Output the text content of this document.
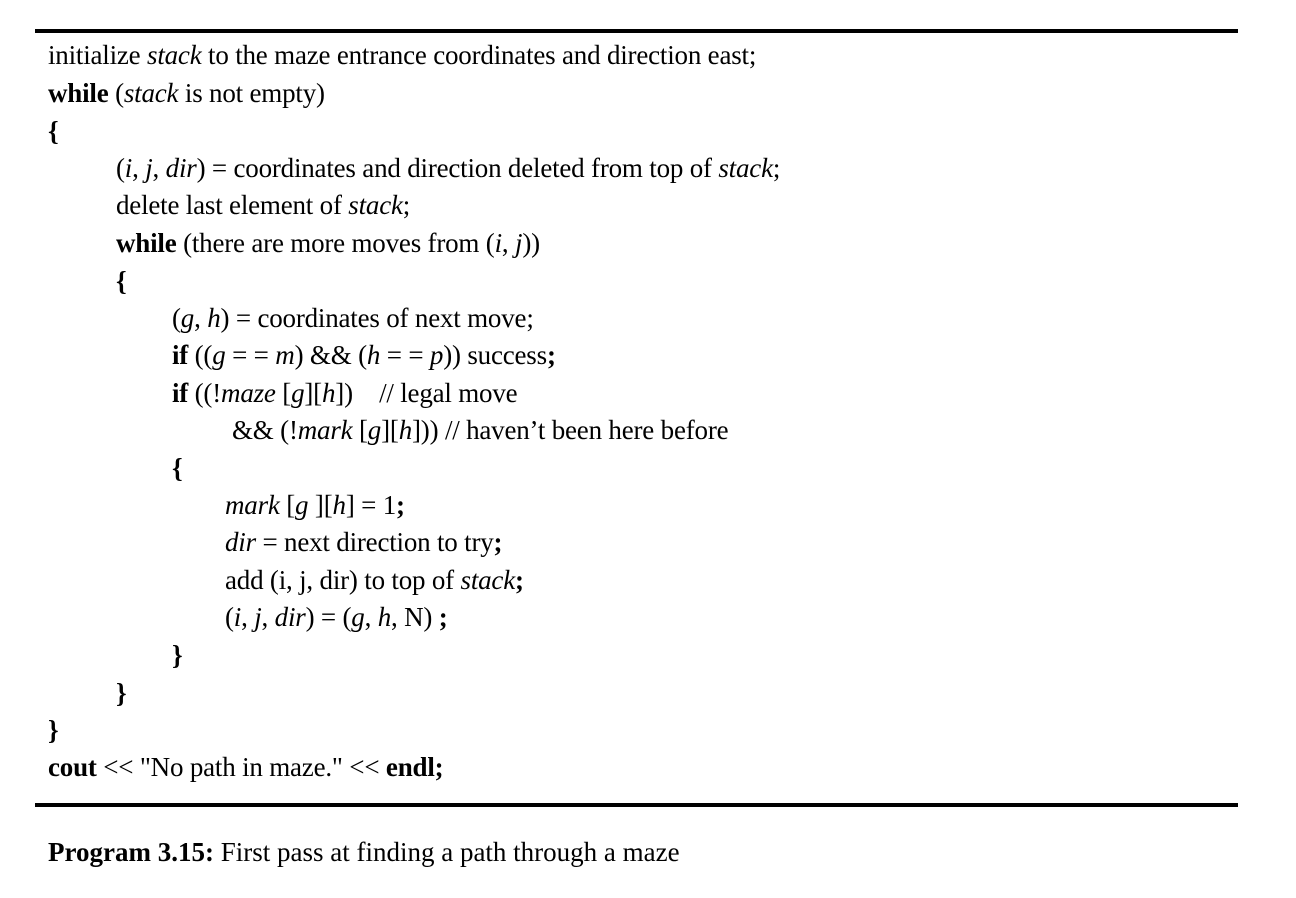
initialize stack to the maze entrance coordinates and direction east;
while (stack is not empty)
{
(i, j, dir) = coordinates and direction deleted from top of stack;
delete last element of stack;
while (there are more moves from (i, j))
{
(g, h) = coordinates of next move;
if ((g = = m) && (h = = p)) success;
if ((!maze [g][h])    // legal move
&& (!mark [g][h])) // haven’t been here before
{
mark [g ][h] = 1;
dir = next direction to try;
add (i, j, dir) to top of stack;
(i, j, dir) = (g, h, N) ;
}
}
}
cout << "No path in maze." << endl;
Program 3.15: First pass at finding a path through a maze
